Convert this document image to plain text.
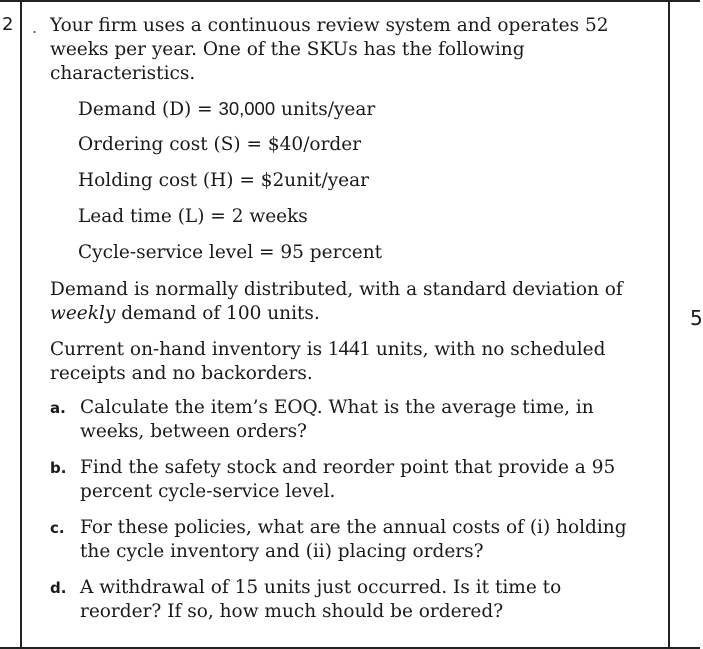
2 .
5

Your firm uses a continuous review system and operates 52 weeks per year. One of the SKUs has the following characteristics.

Demand (D) = 30,000 units/year
Ordering cost (S) = $40/order
Holding cost (H) = $2unit/year
Lead time (L) = 2 weeks
Cycle-service level = 95 percent

Demand is normally distributed, with a standard deviation of weekly demand of 100 units.

Current on-hand inventory is 1441 units, with no scheduled receipts and no backorders.

a. Calculate the item’s EOQ. What is the average time, in weeks, between orders?
b. Find the safety stock and reorder point that provide a 95 percent cycle-service level.
c. For these policies, what are the annual costs of (i) holding the cycle inventory and (ii) placing orders?
d. A withdrawal of 15 units just occurred. Is it time to reorder? If so, how much should be ordered?
